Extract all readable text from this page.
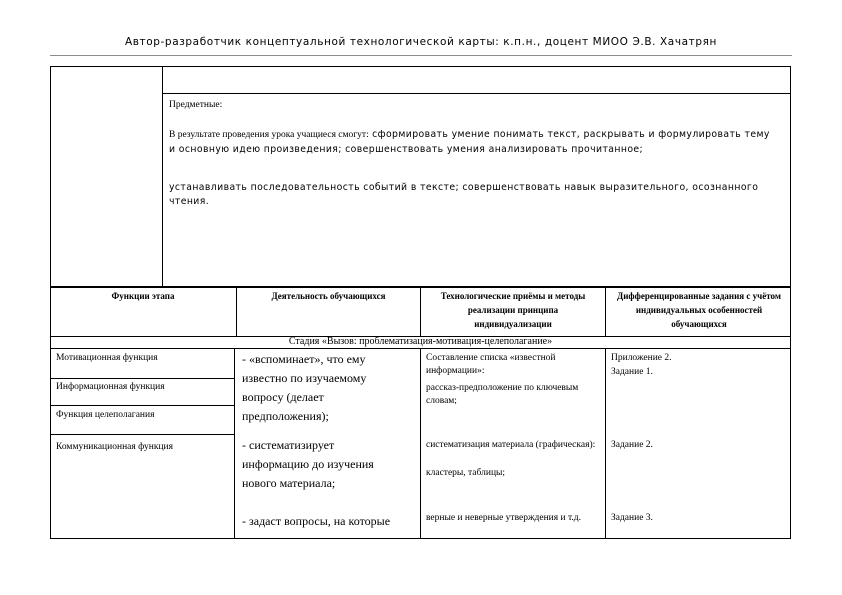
Автор-разработчик концептуальной технологической карты: к.п.н., доцент МИОО Э.В. Хачатрян
Предметные:
В результате проведения урока учащиеся смогут: сформировать умение понимать текст, раскрывать и формулировать тему и основную идею произведения; совершенствовать умения анализировать прочитанное;
устанавливать последовательность событий в тексте; совершенствовать навык выразительного, осознанного чтения.
Функции этапа	Деятельность обучающихся	Технологические приёмы и методы реализации принципа индивидуализации
Дифференцированные задания с учётом индивидуальных особенностей обучающихся
Стадия «Вызов: проблематизация-мотивация-целеполагание»
Мотивационная функция
Информационная функция
Функция целеполагания
Коммуникационная функция
- «вспоминает», что ему известно по изучаемому вопросу (делает предположения);
- систематизирует информацию до изучения нового материала;
- задаст вопросы, на которые
Составление списка «известной информации»:
рассказ-предположение по ключевым словам;
систематизация материала (графическая):
кластеры, таблицы;
верные и неверные утверждения и т.д.
Приложение 2.
Задание 1.
Задание 2.
Задание 3.
